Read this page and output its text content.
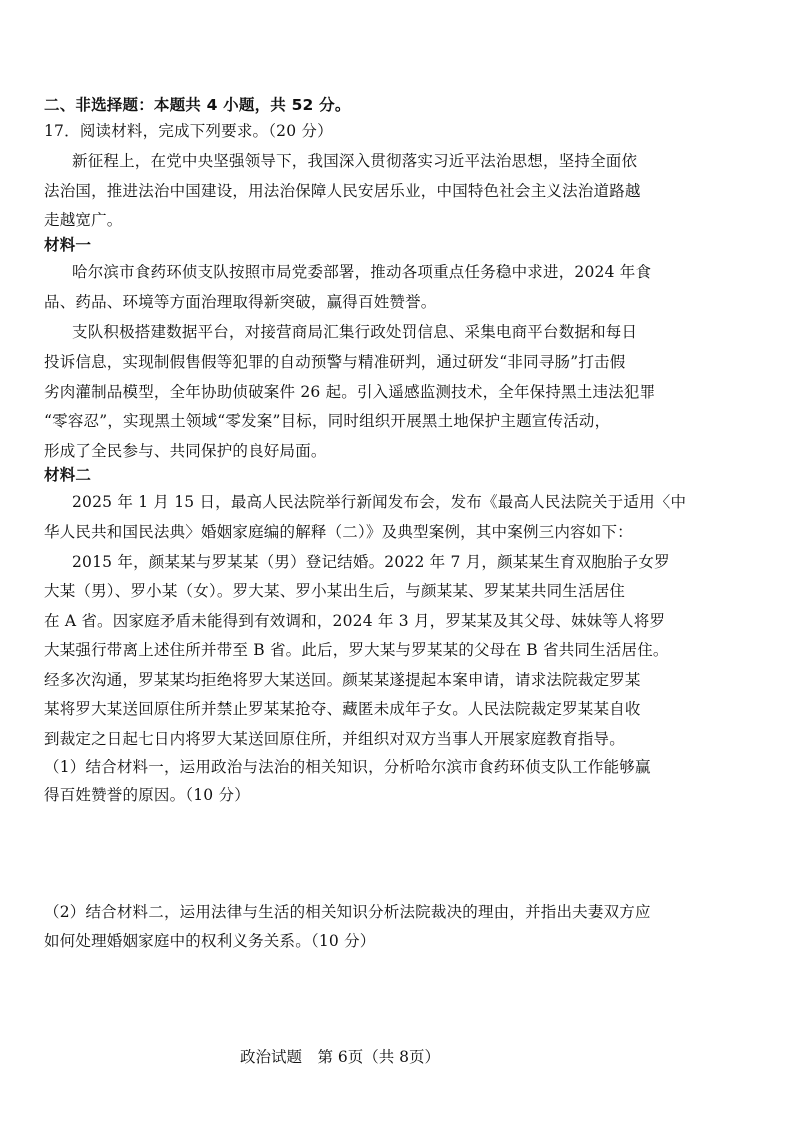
二、非选择题：本题共 4 小题，共 52 分。
17．阅读材料，完成下列要求。（20 分）
新征程上，在党中央坚强领导下，我国深入贯彻落实习近平法治思想，坚持全面依
法治国，推进法治中国建设，用法治保障人民安居乐业，中国特色社会主义法治道路越
走越宽广。
材料一
哈尔滨市食药环侦支队按照市局党委部署，推动各项重点任务稳中求进，2024 年食
品、药品、环境等方面治理取得新突破，赢得百姓赞誉。
支队积极搭建数据平台，对接营商局汇集行政处罚信息、采集电商平台数据和每日
投诉信息，实现制假售假等犯罪的自动预警与精准研判，通过研发“非同寻肠”打击假
劣肉灌制品模型，全年协助侦破案件 26 起。引入遥感监测技术，全年保持黑土违法犯罪
“零容忍”，实现黑土领域“零发案”目标，同时组织开展黑土地保护主题宣传活动，
形成了全民参与、共同保护的良好局面。
材料二
2025 年 1 月 15 日，最高人民法院举行新闻发布会，发布《最高人民法院关于适用〈中
华人民共和国民法典〉婚姻家庭编的解释（二）》及典型案例，其中案例三内容如下：
2015 年，颜某某与罗某某（男）登记结婚。2022 年 7 月，颜某某生育双胞胎子女罗
大某（男）、罗小某（女）。罗大某、罗小某出生后，与颜某某、罗某某共同生活居住
在 A 省。因家庭矛盾未能得到有效调和，2024 年 3 月，罗某某及其父母、妹妹等人将罗
大某强行带离上述住所并带至 B 省。此后，罗大某与罗某某的父母在 B 省共同生活居住。
经多次沟通，罗某某均拒绝将罗大某送回。颜某某遂提起本案申请，请求法院裁定罗某
某将罗大某送回原住所并禁止罗某某抢夺、藏匿未成年子女。人民法院裁定罗某某自收
到裁定之日起七日内将罗大某送回原住所，并组织对双方当事人开展家庭教育指导。
（1）结合材料一，运用政治与法治的相关知识，分析哈尔滨市食药环侦支队工作能够赢
得百姓赞誉的原因。（10 分）
（2）结合材料二，运用法律与生活的相关知识分析法院裁决的理由，并指出夫妻双方应
如何处理婚姻家庭中的权利义务关系。（10 分）
政治试题　第 6页（共 8页）
